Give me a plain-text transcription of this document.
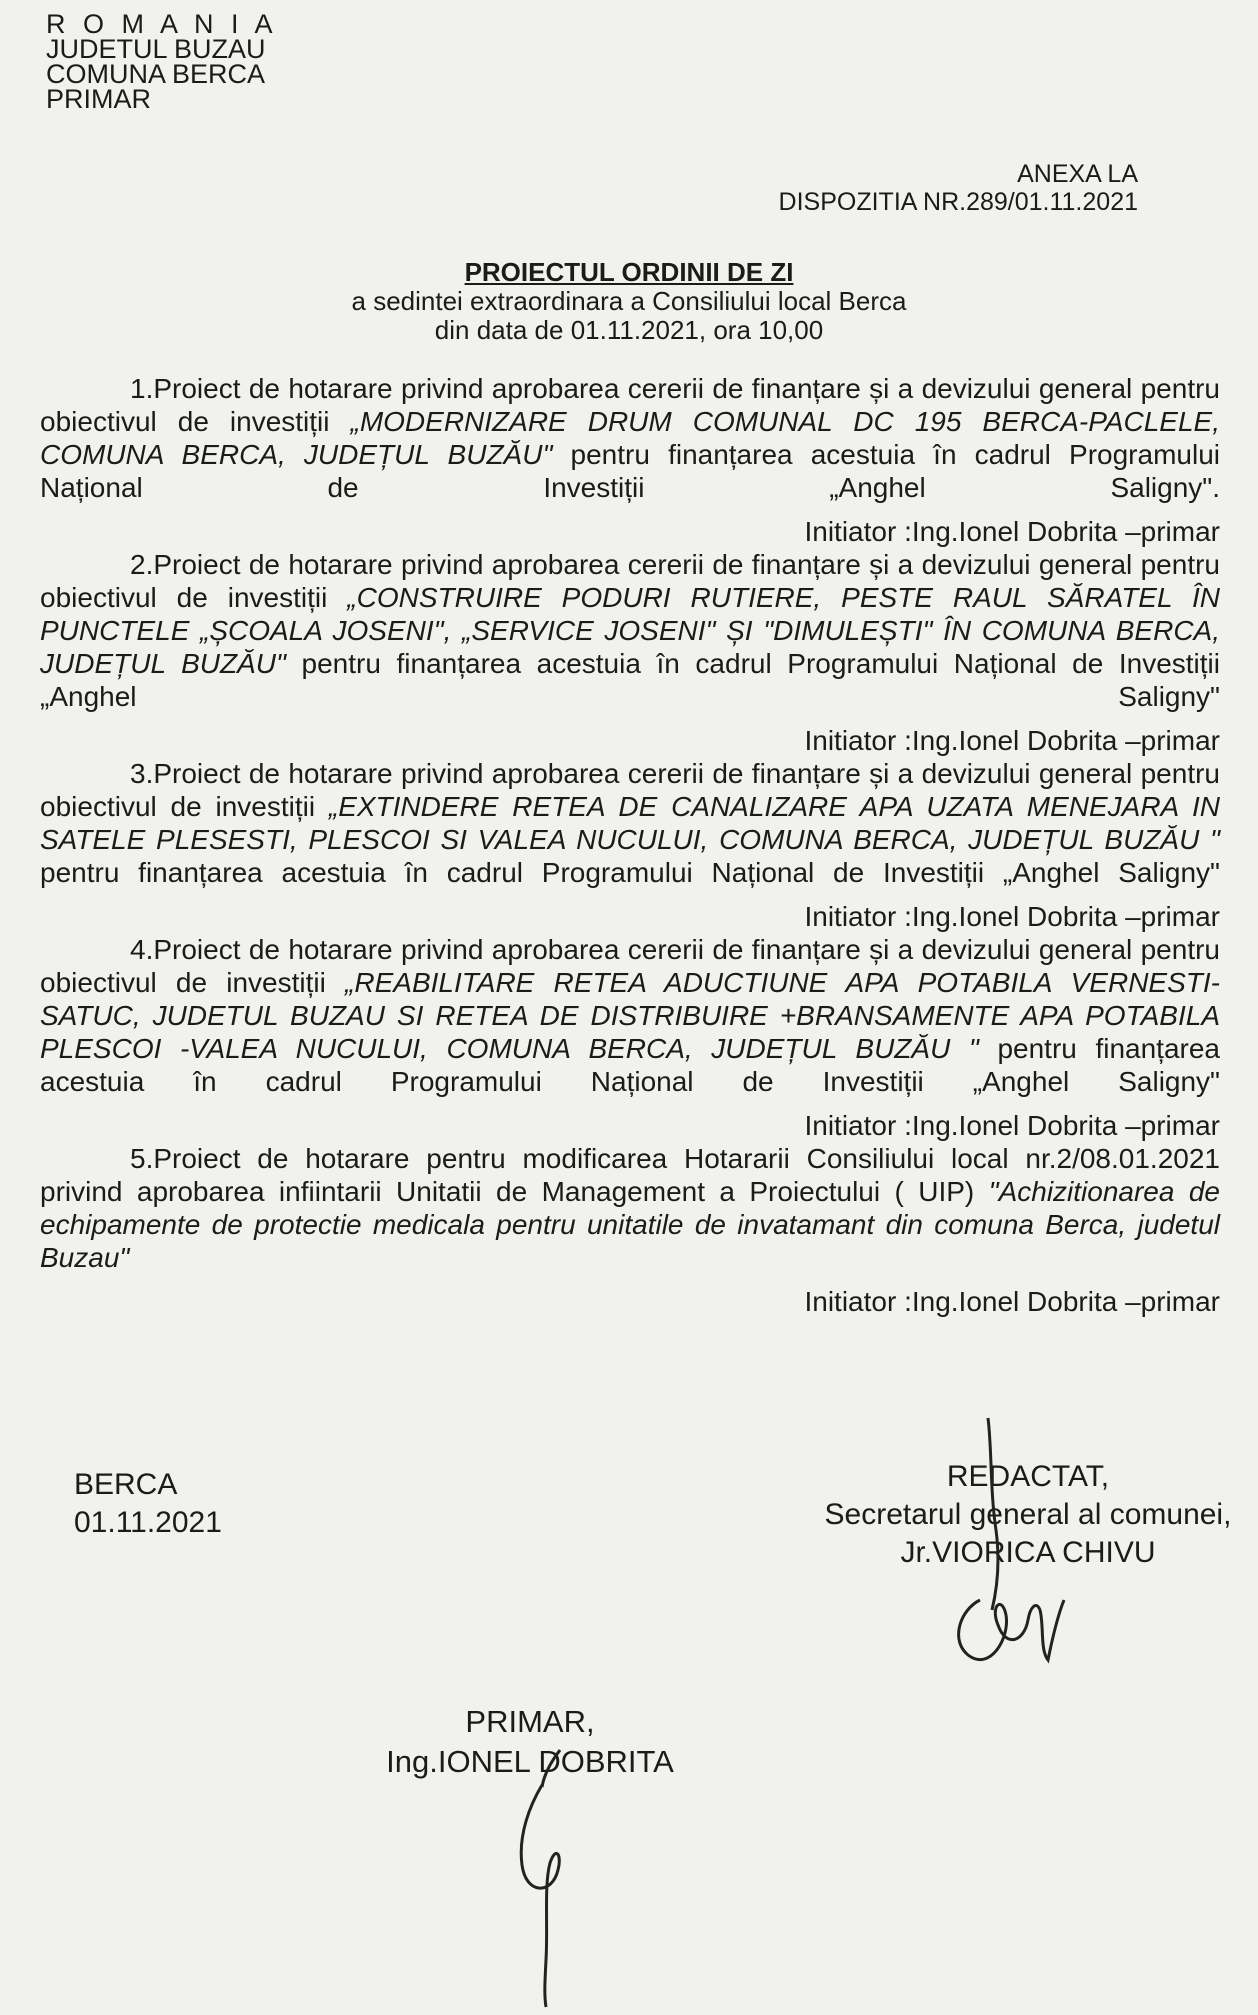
R O M A N I A
JUDETUL BUZAU
COMUNA BERCA
PRIMAR
ANEXA LA
DISPOZITIA NR.289/01.11.2021
PROIECTUL ORDINII DE ZI
a sedintei extraordinara a Consiliului local Berca
din data de 01.11.2021, ora 10,00

1.Proiect de hotarare privind aprobarea cererii de finanțare și a devizului general pentru obiectivul de investiții „MODERNIZARE DRUM COMUNAL DC 195 BERCA-PACLELE, COMUNA BERCA, JUDEȚUL BUZĂU" pentru finanțarea acestuia în cadrul Programului Național de Investiții „Anghel Saligny".

Initiator :Ing.Ionel Dobrita –primar

2.Proiect de hotarare privind aprobarea cererii de finanțare și a devizului general pentru obiectivul de investiții „CONSTRUIRE PODURI RUTIERE, PESTE RAUL SĂRATEL ÎN PUNCTELE „ȘCOALA JOSENI", „SERVICE JOSENI" ȘI "DIMULEȘTI" ÎN COMUNA BERCA, JUDEȚUL BUZĂU" pentru finanțarea acestuia în cadrul Programului Național de Investiții „Anghel Saligny"

Initiator :Ing.Ionel Dobrita –primar

3.Proiect de hotarare privind aprobarea cererii de finanțare și a devizului general pentru obiectivul de investiții „EXTINDERE RETEA DE CANALIZARE APA UZATA MENEJARA IN SATELE PLESESTI, PLESCOI SI VALEA NUCULUI, COMUNA BERCA, JUDEȚUL BUZĂU " pentru finanțarea acestuia în cadrul Programului Național de Investiții „Anghel Saligny"

Initiator :Ing.Ionel Dobrita –primar

4.Proiect de hotarare privind aprobarea cererii de finanțare și a devizului general pentru obiectivul de investiții „REABILITARE RETEA ADUCTIUNE APA POTABILA VERNESTI-SATUC, JUDETUL BUZAU SI RETEA DE DISTRIBUIRE +BRANSAMENTE APA POTABILA PLESCOI -VALEA NUCULUI, COMUNA BERCA, JUDEȚUL BUZĂU " pentru finanțarea acestuia în cadrul Programului Național de Investiții „Anghel Saligny"

Initiator :Ing.Ionel Dobrita –primar

5.Proiect de hotarare pentru modificarea Hotararii Consiliului local nr.2/08.01.2021 privind aprobarea infiintarii Unitatii de Management a Proiectului ( UIP) "Achizitionarea de echipamente de protectie medicala pentru unitatile de invatamant din comuna Berca, judetul Buzau"

Initiator :Ing.Ionel Dobrita –primar
BERCA
01.11.2021
REDACTAT,
Secretarul general al comunei,
Jr.VIORICA CHIVU
PRIMAR,
Ing.IONEL DOBRITA
